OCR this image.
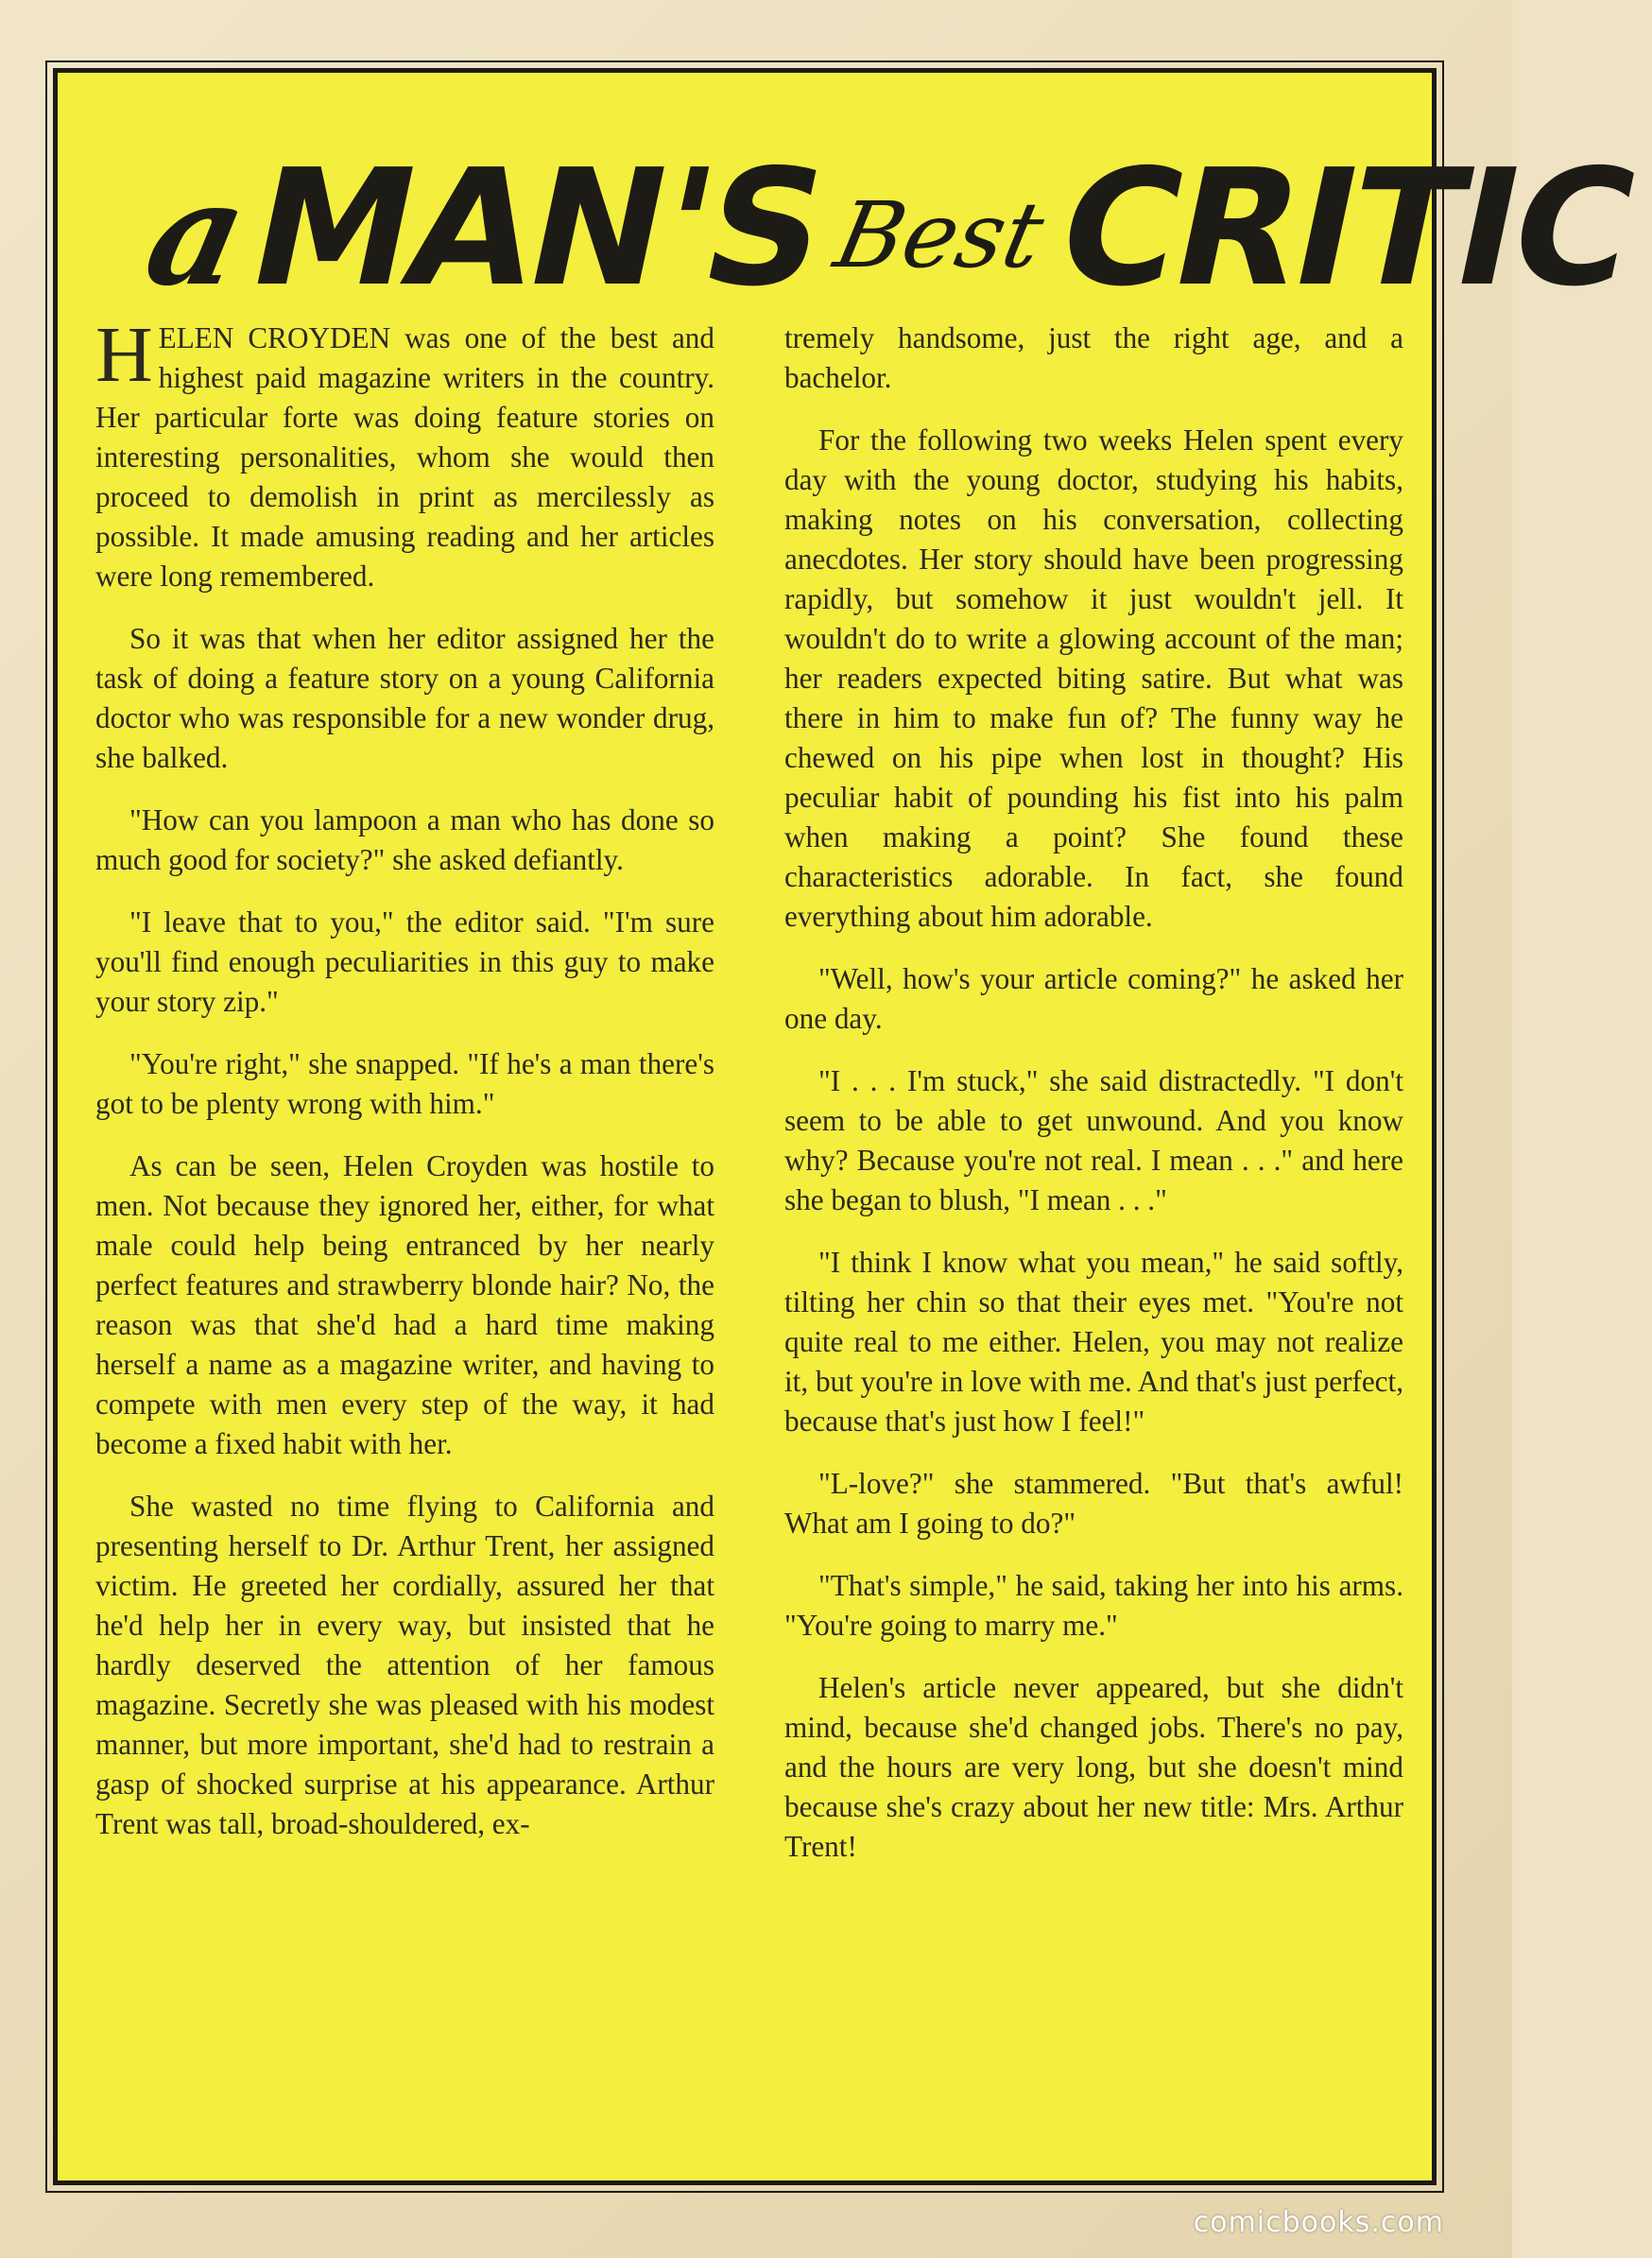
a MAN'S Best CRITIC

HELEN CROYDEN was one of the best and highest paid magazine writers in the country. Her particular forte was doing feature stories on interesting personalities, whom she would then proceed to demolish in print as mercilessly as possible. It made amusing reading and her articles were long remembered.

So it was that when her editor assigned her the task of doing a feature story on a young California doctor who was responsible for a new wonder drug, she balked.

"How can you lampoon a man who has done so much good for society?" she asked defiantly.

"I leave that to you," the editor said. "I'm sure you'll find enough peculiarities in this guy to make your story zip."

"You're right," she snapped. "If he's a man there's got to be plenty wrong with him."

As can be seen, Helen Croyden was hostile to men. Not because they ignored her, either, for what male could help being entranced by her nearly perfect features and strawberry blonde hair? No, the reason was that she'd had a hard time making herself a name as a magazine writer, and having to compete with men every step of the way, it had become a fixed habit with her.

She wasted no time flying to California and presenting herself to Dr. Arthur Trent, her assigned victim. He greeted her cordially, assured her that he'd help her in every way, but insisted that he hardly deserved the attention of her famous magazine. Secretly she was pleased with his modest manner, but more important, she'd had to restrain a gasp of shocked surprise at his appearance. Arthur Trent was tall, broad-shouldered, ex-

tremely handsome, just the right age, and a bachelor.

For the following two weeks Helen spent every day with the young doctor, studying his habits, making notes on his conversation, collecting anecdotes. Her story should have been progressing rapidly, but somehow it just wouldn't jell. It wouldn't do to write a glowing account of the man; her readers expected biting satire. But what was there in him to make fun of? The funny way he chewed on his pipe when lost in thought? His peculiar habit of pounding his fist into his palm when making a point? She found these characteristics adorable. In fact, she found everything about him adorable.

"Well, how's your article coming?" he asked her one day.

"I . . . I'm stuck," she said distractedly. "I don't seem to be able to get unwound. And you know why? Because you're not real. I mean . . ." and here she began to blush, "I mean . . ."

"I think I know what you mean," he said softly, tilting her chin so that their eyes met. "You're not quite real to me either. Helen, you may not realize it, but you're in love with me. And that's just perfect, because that's just how I feel!"

"L-love?" she stammered. "But that's awful! What am I going to do?"

"That's simple," he said, taking her into his arms. "You're going to marry me."

Helen's article never appeared, but she didn't mind, because she'd changed jobs. There's no pay, and the hours are very long, but she doesn't mind because she's crazy about her new title: Mrs. Arthur Trent!

comicbooks.com
